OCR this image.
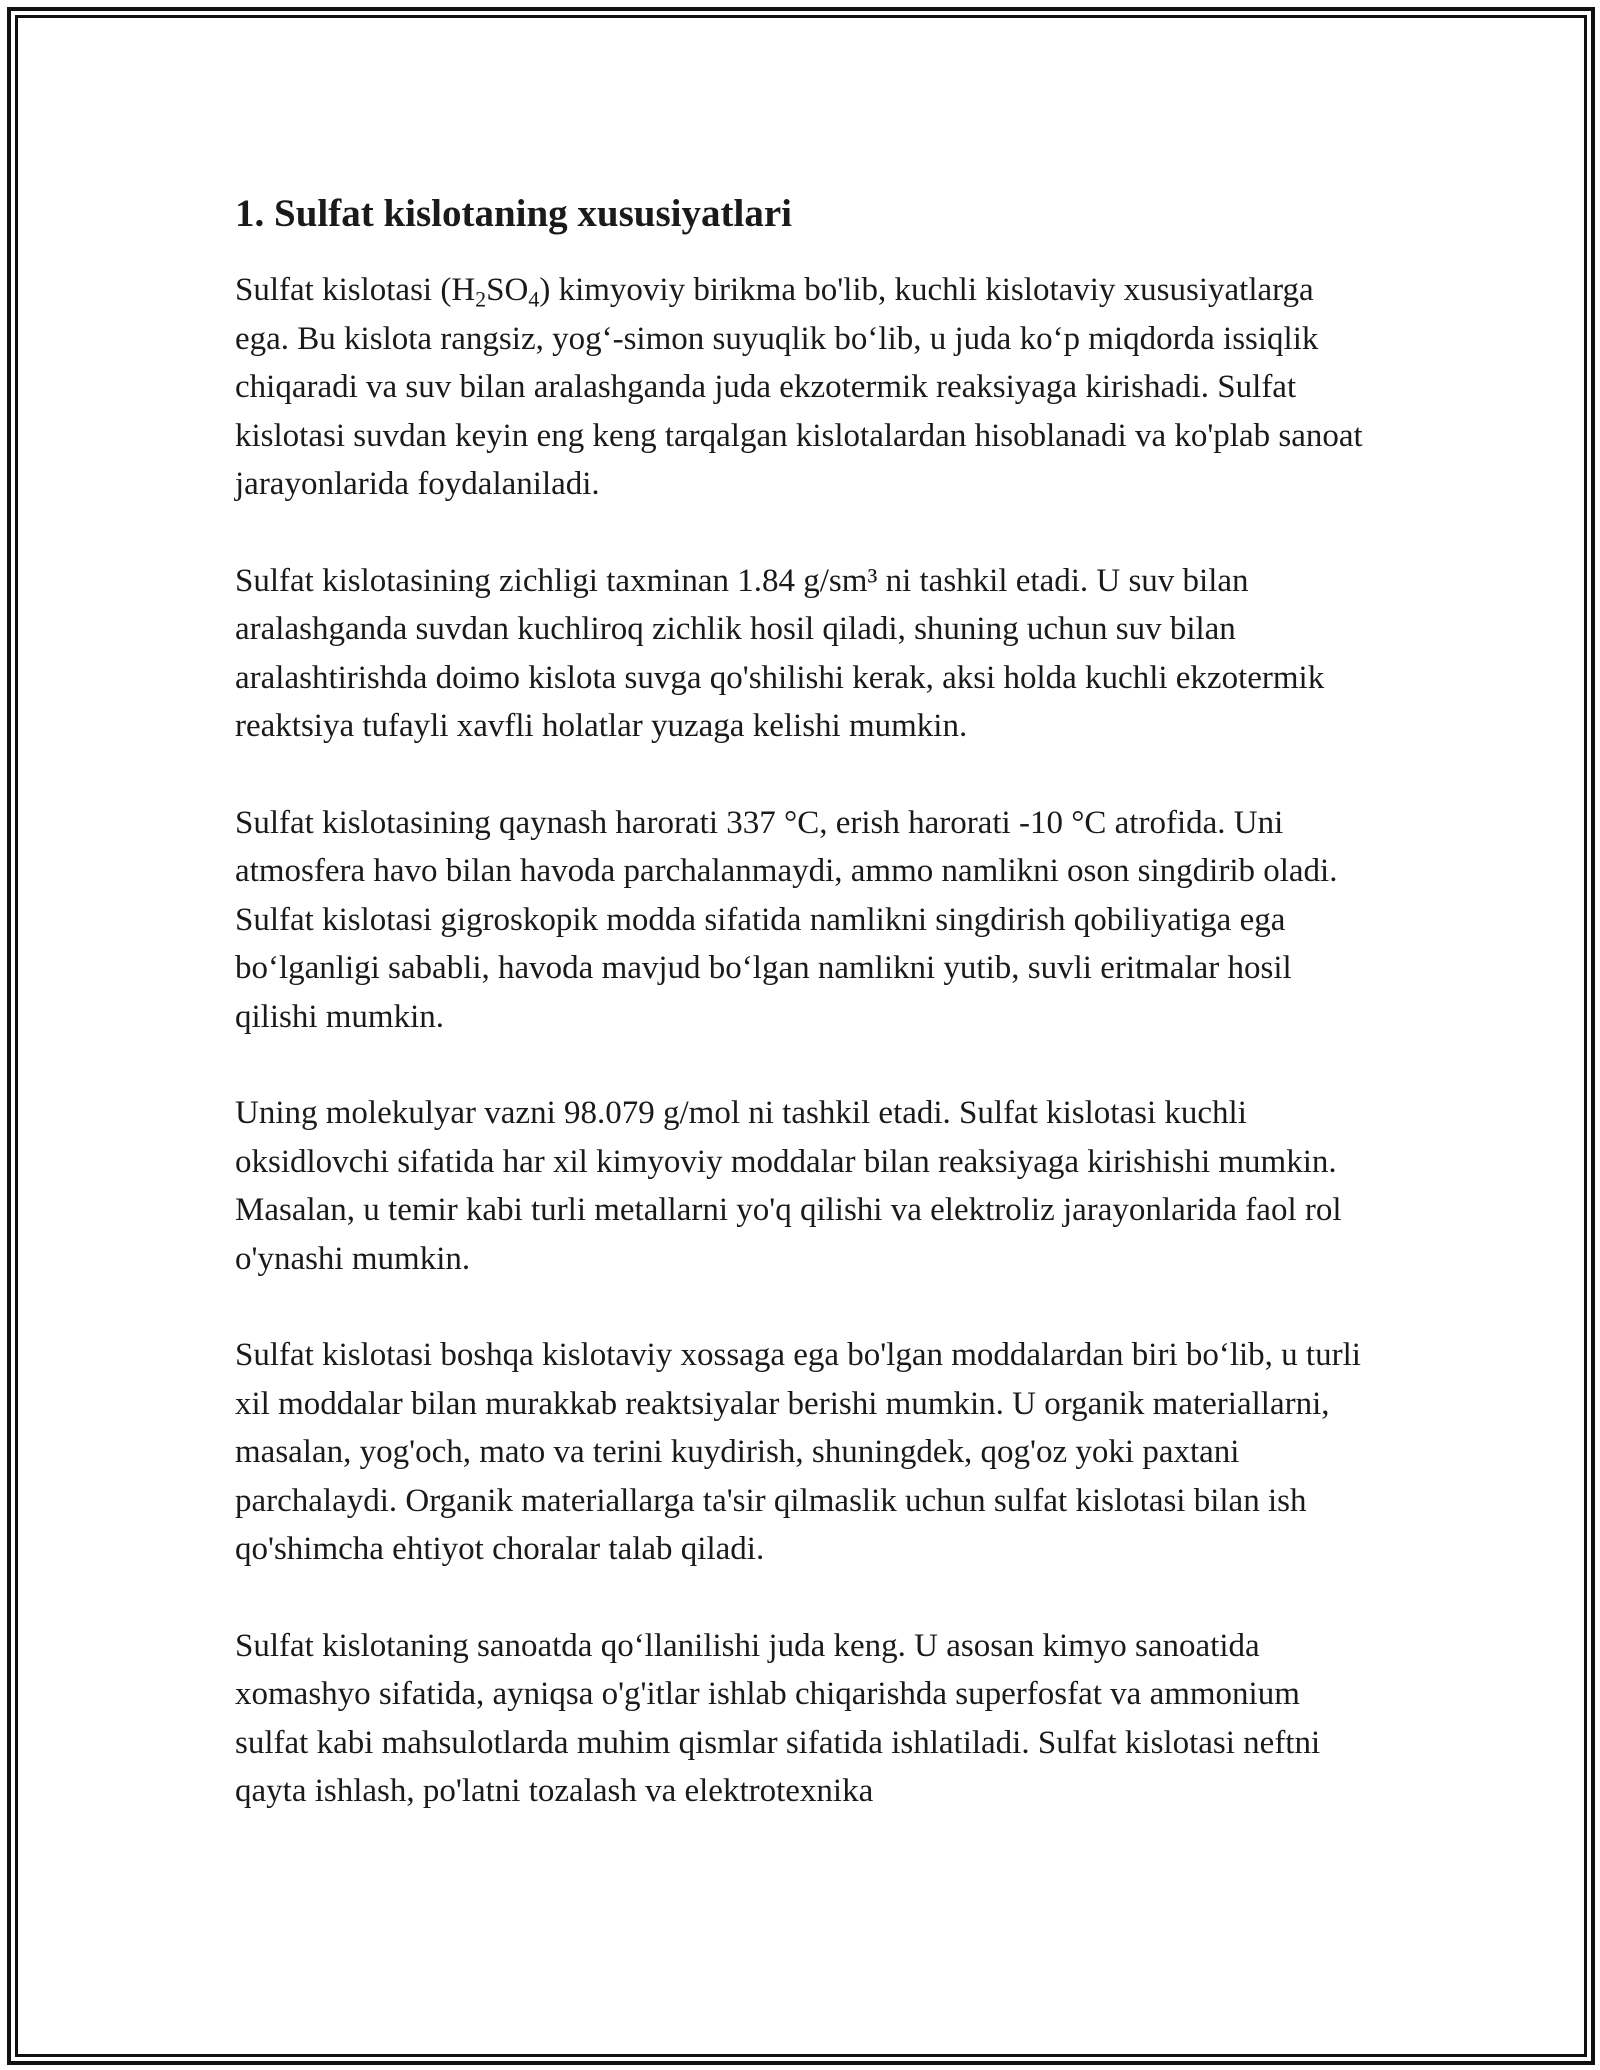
1. Sulfat kislotaning xususiyatlari

Sulfat kislotasi $(H_2SO_4)$ kimyoviy birikma bo'lib, kuchli kislotaviy xususiyatlarga ega. Bu kislota rangsiz, yog‘-simon suyuqlik bo‘lib, u juda ko‘p miqdorda issiqlik chiqaradi va suv bilan aralashganda juda ekzotermik reaksiyaga kirishadi. Sulfat kislotasi suvdan keyin eng keng tarqalgan kislotalardan hisoblanadi va ko'plab sanoat jarayonlarida foydalaniladi.

Sulfat kislotasining zichligi taxminan 1.84 g/sm³ ni tashkil etadi. U suv bilan aralashganda suvdan kuchliroq zichlik hosil qiladi, shuning uchun suv bilan aralashtirishda doimo kislota suvga qo'shilishi kerak, aksi holda kuchli ekzotermik reaktsiya tufayli xavfli holatlar yuzaga kelishi mumkin.

Sulfat kislotasining qaynash harorati 337 °C, erish harorati -10 °C atrofida. Uni atmosfera havo bilan havoda parchalanmaydi, ammo namlikni oson singdirib oladi. Sulfat kislotasi gigroskopik modda sifatida namlikni singdirish qobiliyatiga ega bo‘lganligi sababli, havoda mavjud bo‘lgan namlikni yutib, suvli eritmalar hosil qilishi mumkin.

Uning molekulyar vazni 98.079 g/mol ni tashkil etadi. Sulfat kislotasi kuchli oksidlovchi sifatida har xil kimyoviy moddalar bilan reaksiyaga kirishishi mumkin. Masalan, u temir kabi turli metallarni yo'q qilishi va elektroliz jarayonlarida faol rol o'ynashi mumkin.

Sulfat kislotasi boshqa kislotaviy xossaga ega bo'lgan moddalardan biri bo‘lib, u turli xil moddalar bilan murakkab reaktsiyalar berishi mumkin. U organik materiallarni, masalan, yog'och, mato va terini kuydirish, shuningdek, qog'oz yoki paxtani parchalaydi. Organik materiallarga ta'sir qilmaslik uchun sulfat kislotasi bilan ish qo'shimcha ehtiyot choralar talab qiladi.

Sulfat kislotaning sanoatda qo‘llanilishi juda keng. U asosan kimyo sanoatida xomashyo sifatida, ayniqsa o'g'itlar ishlab chiqarishda superfosfat va ammonium sulfat kabi mahsulotlarda muhim qismlar sifatida ishlatiladi. Sulfat kislotasi neftni qayta ishlash, po'latni tozalash va elektrotexnika
